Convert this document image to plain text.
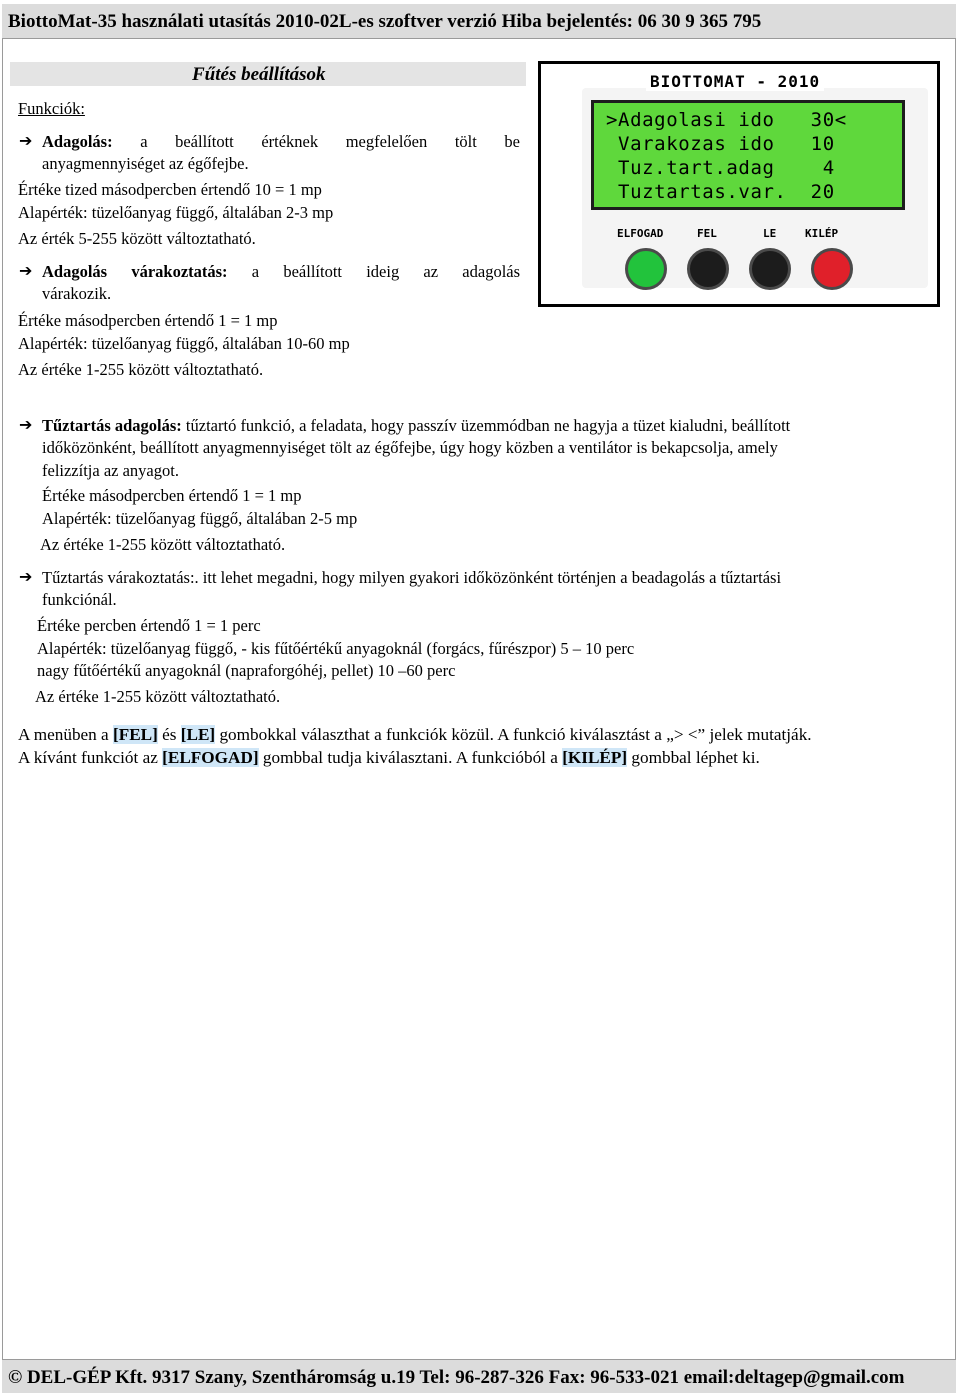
BiottoMat-35 használati utasítás 2010-02L-es szoftver verzió Hiba bejelentés: 06 30 9 365 795
Fűtés beállítások
Funkciók:
➔ Adagolás: a beállított értéknek megfelelően tölt be
anyagmennyiséget az égőfejbe.
Értéke tized másodpercben értendő 10 = 1 mp
Alapérték: tüzelőanyag függő, általában 2-3 mp
Az érték 5-255 között változtatható.
➔ Adagolás várakoztatás: a beállított ideig az adagolás
várakozik.
Értéke másodpercben értendő 1 = 1 mp
Alapérték: tüzelőanyag függő, általában 10-60 mp
Az értéke 1-255 között változtatható.
BIOTTOMAT - 2010
>Adagolasi ido   30<
Varakozas ido   10
Tuz.tart.adag    4
Tuztartas.var.  20
ELFOGAD	FEL	LE	KILÉP
➔ Tűztartás adagolás: tűztartó funkció, a feladata, hogy passzív üzemmódban ne hagyja a tüzet kialudni, beállított
időközönként, beállított anyagmennyiséget tölt az égőfejbe, úgy hogy közben a ventilátor is bekapcsolja, amely
felizzítja az anyagot.
Értéke másodpercben értendő 1 = 1 mp
Alapérték: tüzelőanyag függő, általában 2-5 mp
Az értéke 1-255 között változtatható.
➔ Tűztartás várakoztatás:. itt lehet megadni, hogy milyen gyakori időközönként történjen a beadagolás a tűztartási
funkciónál.
Értéke percben értendő 1 = 1 perc
Alapérték: tüzelőanyag függő, - kis fűtőértékű anyagoknál (forgács, fűrészpor) 5 – 10 perc
nagy fűtőértékű anyagoknál (napraforgóhéj, pellet) 10 –60 perc
Az értéke 1-255 között változtatható.
A menüben a [FEL] és [LE] gombokkal választhat a funkciók közül. A funkció kiválasztást a „> <” jelek mutatják.
A kívánt funkciót az [ELFOGAD] gombbal tudja kiválasztani. A funkcióból a [KILÉP] gombbal léphet ki.
© DEL-GÉP Kft. 9317 Szany, Szentháromság u.19 Tel: 96-287-326 Fax: 96-533-021 email:deltagep@gmail.com
